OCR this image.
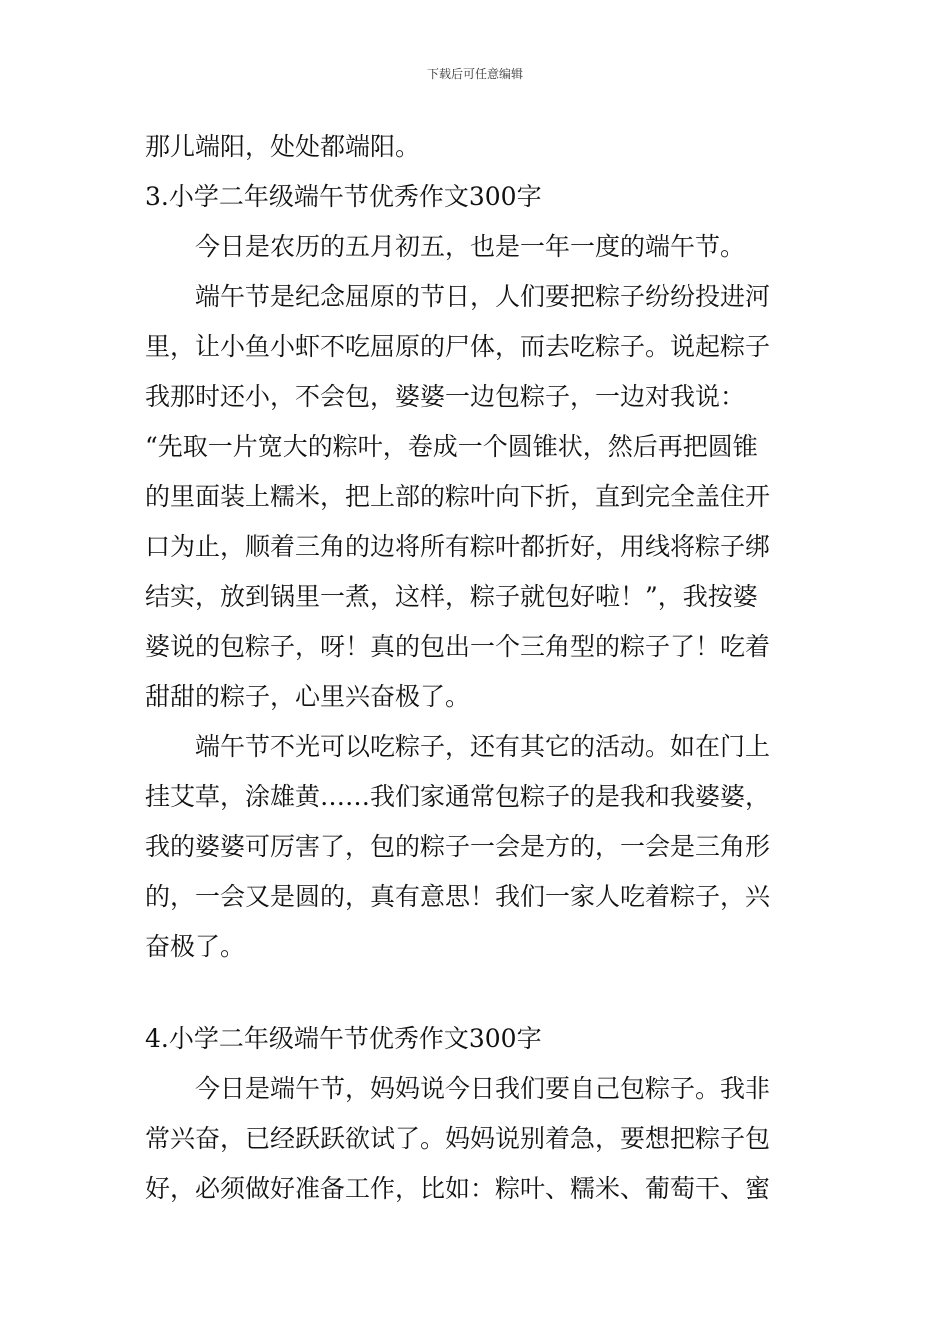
下载后可任意编辑
那儿端阳，处处都端阳。
3.小学二年级端午节优秀作文300字
今日是农历的五月初五，也是一年一度的端午节。
端午节是纪念屈原的节日，人们要把粽子纷纷投进河
里，让小鱼小虾不吃屈原的尸体，而去吃粽子。说起粽子
我那时还小，不会包，婆婆一边包粽子，一边对我说：
“先取一片宽大的粽叶，卷成一个圆锥状，然后再把圆锥
的里面装上糯米，把上部的粽叶向下折，直到完全盖住开
口为止，顺着三角的边将所有粽叶都折好，用线将粽子绑
结实，放到锅里一煮，这样，粽子就包好啦！”，我按婆
婆说的包粽子，呀！真的包出一个三角型的粽子了！吃着
甜甜的粽子，心里兴奋极了。
端午节不光可以吃粽子，还有其它的活动。如在门上
挂艾草，涂雄黄……我们家通常包粽子的是我和我婆婆，
我的婆婆可厉害了，包的粽子一会是方的，一会是三角形
的，一会又是圆的，真有意思！我们一家人吃着粽子，兴
奋极了。
4.小学二年级端午节优秀作文300字
今日是端午节，妈妈说今日我们要自己包粽子。我非
常兴奋，已经跃跃欲试了。妈妈说别着急，要想把粽子包
好，必须做好准备工作，比如：粽叶、糯米、葡萄干、蜜
